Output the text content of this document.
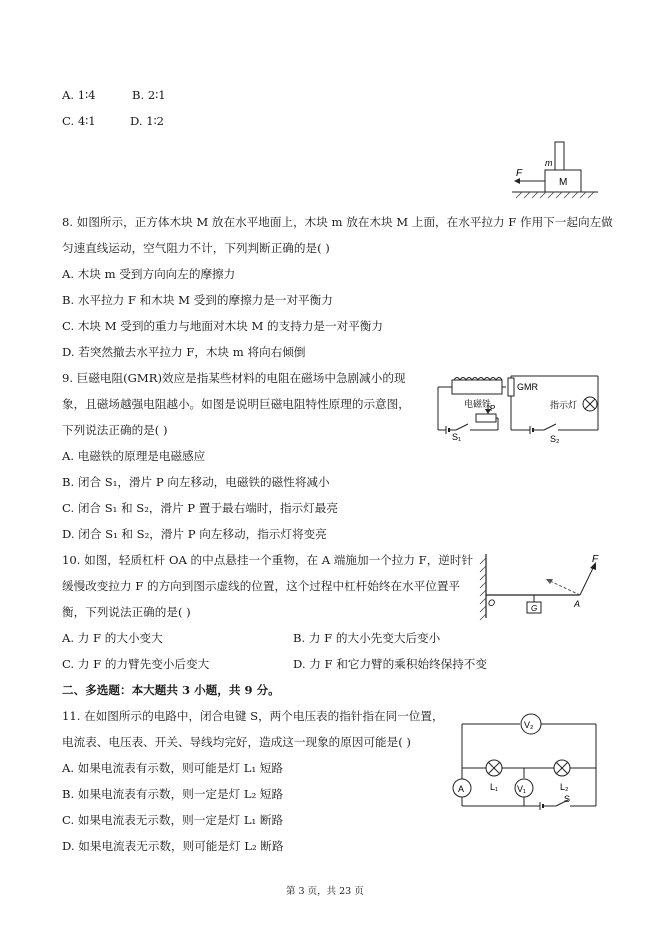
A. 1∶4	B. 2∶1
C. 4∶1	D. 1∶2
F
m
M
8. 如图所示，正方体木块 M 放在水平地面上，木块 m 放在木块 M 上面，在水平拉力 F 作用下一起向左做
匀速直线运动，空气阻力不计，下列判断正确的是( )
A. 木块 m 受到方向向左的摩擦力
B. 水平拉力 F 和木块 M 受到的摩擦力是一对平衡力
C. 木块 M 受到的重力与地面对木块 M 的支持力是一对平衡力
D. 若突然撤去水平拉力 F，木块 m 将向右倾倒
9. 巨磁电阻(GMR)效应是指某些材料的电阻在磁场中急剧减小的现
象，且磁场越强电阻越小。如图是说明巨磁电阻特性原理的示意图，
下列说法正确的是( )
A. 电磁铁的原理是电磁感应
B. 闭合 S₁，滑片 P 向左移动，电磁铁的磁性将减小
C. 闭合 S₁ 和 S₂，滑片 P 置于最右端时，指示灯最亮
D. 闭合 S₁ 和 S₂，滑片 P 向左移动，指示灯将变亮
电磁铁
P
S₁
GMR
指示灯
S₂
10. 如图，轻质杠杆 OA 的中点悬挂一个重物，在 A 端施加一个拉力 F，逆时针
缓慢改变拉力 F 的方向到图示虚线的位置，这个过程中杠杆始终在水平位置平
衡，下列说法正确的是( )
A. 力 F 的大小变大	B. 力 F 的大小先变大后变小
C. 力 F 的力臂先变小后变大	D. 力 F 和它力臂的乘积始终保持不变
G
F
O	A
二、多选题：本大题共 3 小题，共 9 分。
11. 在如图所示的电路中，闭合电键 S，两个电压表的指针指在同一位置，
电流表、电压表、开关、导线均完好，造成这一现象的原因可能是( )
A. 如果电流表有示数，则可能是灯 L₁ 短路
B. 如果电流表有示数，则一定是灯 L₂ 短路
C. 如果电流表无示数，则一定是灯 L₁ 断路
D. 如果电流表无示数，则可能是灯 L₂ 断路
V₂
A	L₁ V₁	L₂
S
第 3 页，共 23 页
